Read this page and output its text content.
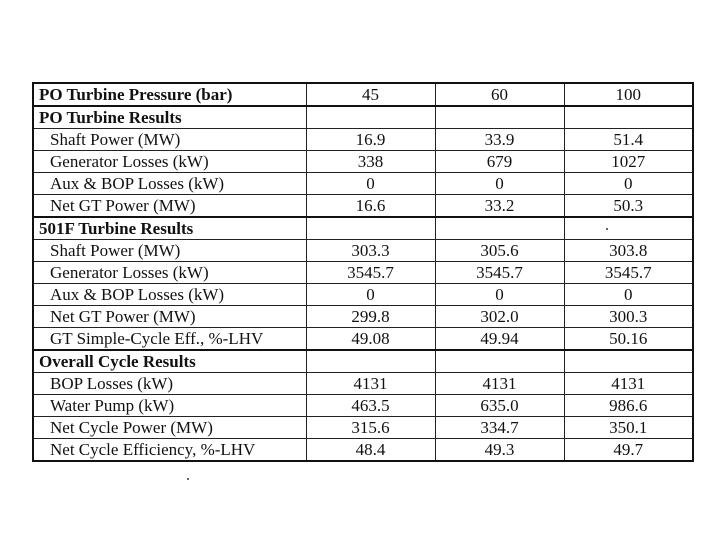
PO Turbine Pressure (bar)	45	60	100
PO Turbine Results			
Shaft Power (MW)	16.9	33.9	51.4
Generator Losses (kW)	338	679	1027
Aux & BOP Losses (kW)	0	0	0
Net GT Power (MW)	16.6	33.2	50.3
501F Turbine Results			
Shaft Power (MW)	303.3	305.6	303.8
Generator Losses (kW)	3545.7	3545.7	3545.7
Aux & BOP Losses (kW)	0	0	0
Net GT Power (MW)	299.8	302.0	300.3
GT Simple-Cycle Eff., %-LHV	49.08	49.94	50.16
Overall Cycle Results			
BOP Losses (kW)	4131	4131	4131
Water Pump (kW)	463.5	635.0	986.6
Net Cycle Power (MW)	315.6	334.7	350.1
Net Cycle Efficiency, %-LHV	48.4	49.3	49.7
